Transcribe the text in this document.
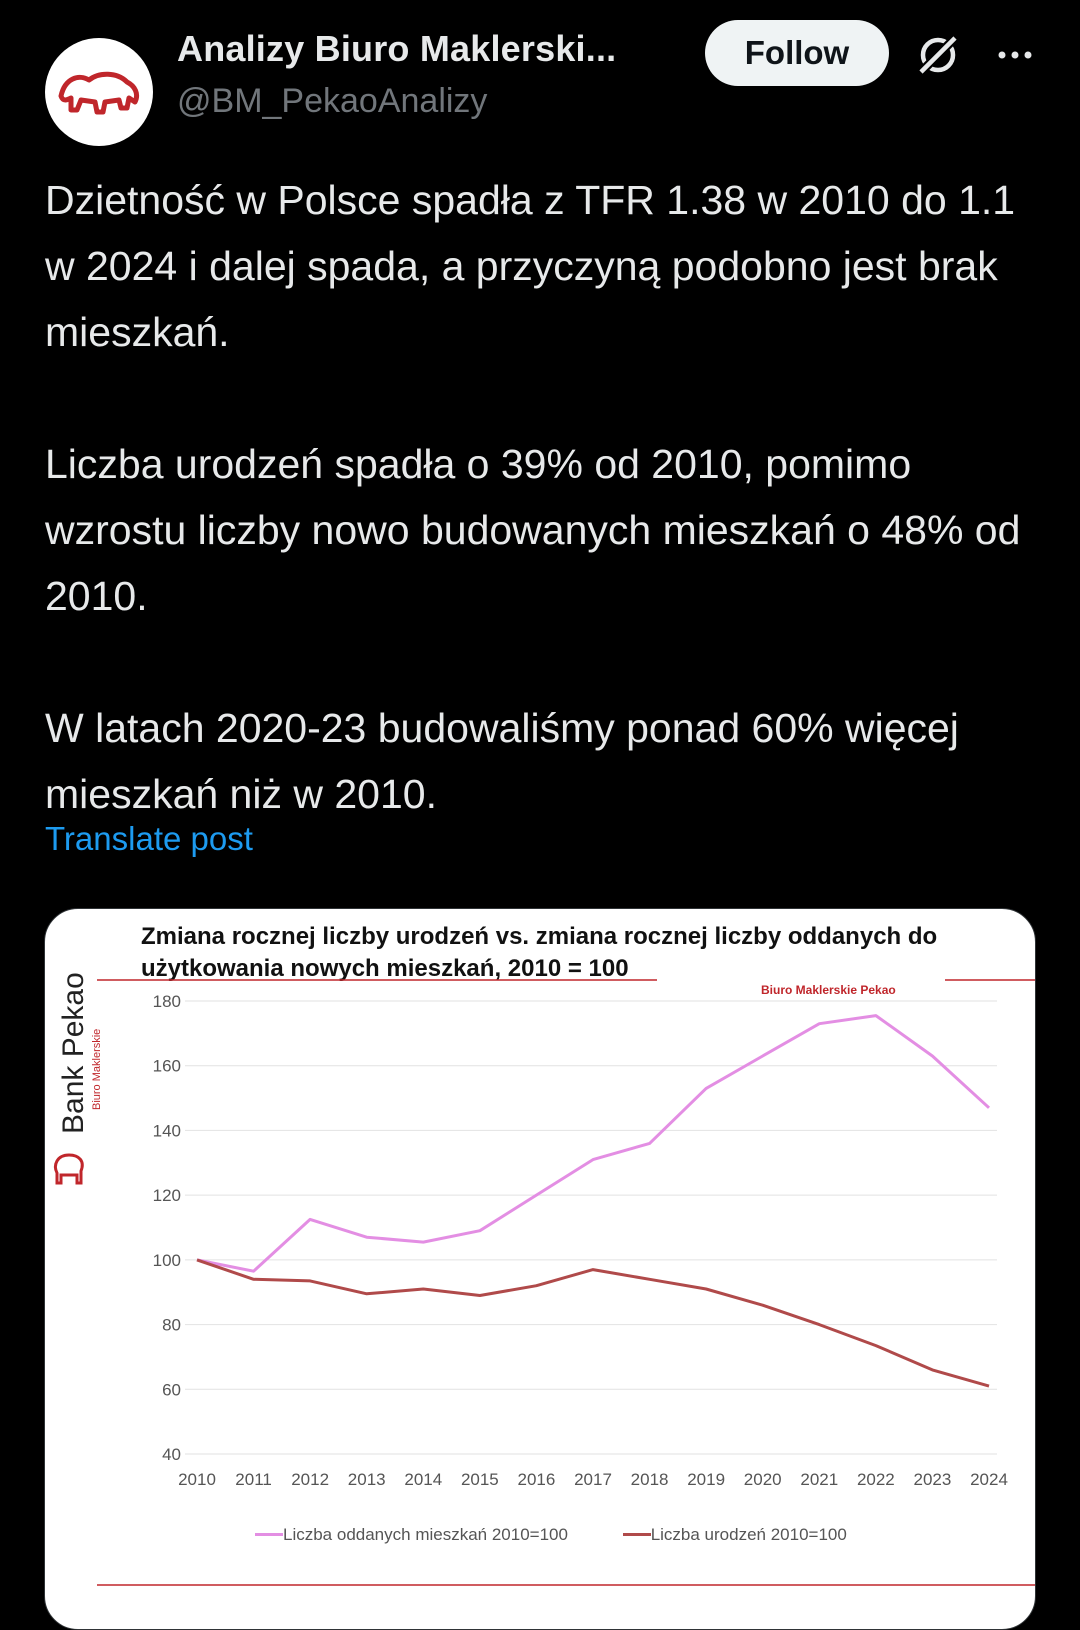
Analizy Biuro Maklerski...
@BM_PekaoAnalizy
Follow

Dzietność w Polsce spadła z TFR 1.38 w 2010 do 1.1 w 2024 i dalej spada, a przyczyną podobno jest brak mieszkań.

Liczba urodzeń spadła o 39% od 2010, pomimo wzrostu liczby nowo budowanych mieszkań o 48% od 2010.

W latach 2020-23 budowaliśmy ponad 60% więcej mieszkań niż w 2010.

Translate post
Bank Pekao Biuro Maklerskie
Zmiana rocznej liczby urodzeń vs. zmiana rocznej liczby oddanych do użytkowania nowych mieszkań, 2010 = 100
Biuro Maklerskie Pekao
40
60
80
100
120
140
160
180
2010 2011 2012 2013 2014 2015 2016 2017 2018 2019 2020 2021 2022 2023 2024
Liczba oddanych mieszkań 2010=100
	Liczba urodzeń 2010=100
